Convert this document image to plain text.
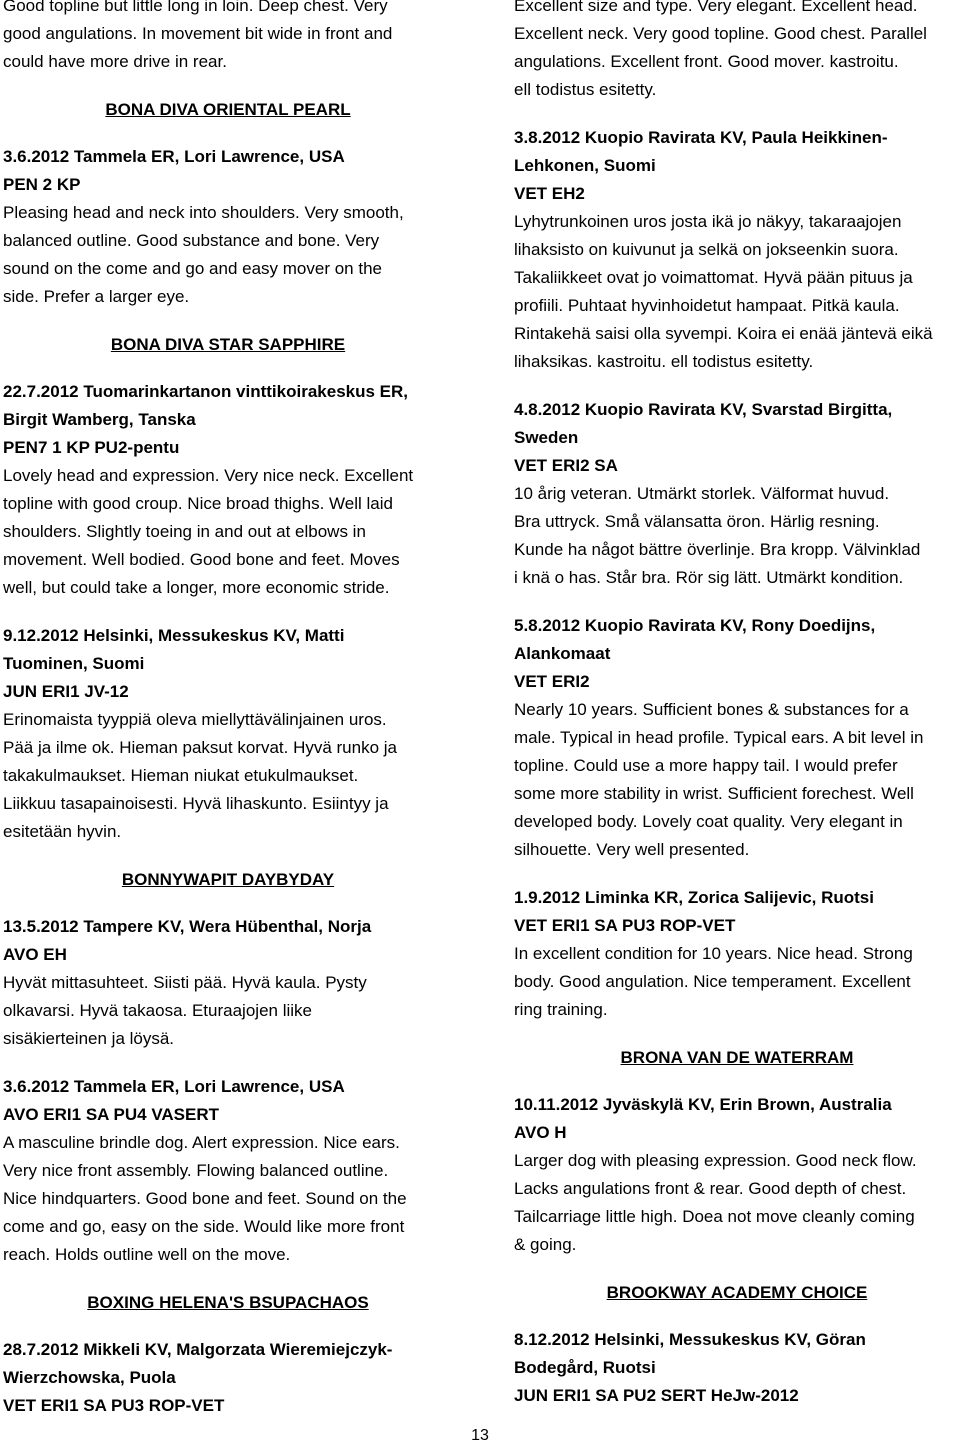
Good topline but little long in loin. Deep chest. Very
good angulations. In movement bit wide in front and
could have more drive in rear.
BONA DIVA ORIENTAL PEARL
3.6.2012 Tammela ER, Lori Lawrence, USA
PEN 2 KP
Pleasing head and neck into shoulders. Very smooth,
balanced outline. Good substance and bone. Very
sound on the come and go and easy mover on the
side. Prefer a larger eye.
BONA DIVA STAR SAPPHIRE
22.7.2012 Tuomarinkartanon vinttikoirakeskus ER,
Birgit Wamberg, Tanska
PEN7 1 KP PU2-pentu
Lovely head and expression. Very nice neck. Excellent
topline with good croup. Nice broad thighs. Well laid
shoulders. Slightly toeing in and out at elbows in
movement. Well bodied. Good bone and feet. Moves
well, but could take a longer, more economic stride.
9.12.2012 Helsinki, Messukeskus KV, Matti
Tuominen, Suomi
JUN ERI1 JV-12
Erinomaista tyyppiä oleva miellyttävälinjainen uros.
Pää ja ilme ok. Hieman paksut korvat. Hyvä runko ja
takakulmaukset. Hieman niukat etukulmaukset.
Liikkuu tasapainoisesti. Hyvä lihaskunto. Esiintyy ja
esitetään hyvin.
BONNYWAPIT DAYBYDAY
13.5.2012 Tampere KV, Wera Hübenthal, Norja
AVO EH
Hyvät mittasuhteet. Siisti pää. Hyvä kaula. Pysty
olkavarsi. Hyvä takaosa. Eturaajojen liike
sisäkierteinen ja löysä.
3.6.2012 Tammela ER, Lori Lawrence, USA
AVO ERI1 SA PU4 VASERT
A masculine brindle dog. Alert expression. Nice ears.
Very nice front assembly. Flowing balanced outline.
Nice hindquarters. Good bone and feet. Sound on the
come and go, easy on the side. Would like more front
reach. Holds outline well on the move.
BOXING HELENA'S BSUPACHAOS
28.7.2012 Mikkeli KV, Malgorzata Wieremiejczyk-
Wierzchowska, Puola
VET ERI1 SA PU3 ROP-VET
Excellent size and type. Very elegant. Excellent head.
Excellent neck. Very good topline. Good chest. Parallel
angulations. Excellent front. Good mover. kastroitu.
ell todistus esitetty.
3.8.2012 Kuopio Ravirata KV, Paula Heikkinen-
Lehkonen, Suomi
VET EH2
Lyhytrunkoinen uros josta ikä jo näkyy, takaraajojen
lihaksisto on kuivunut ja selkä on jokseenkin suora.
Takaliikkeet ovat jo voimattomat. Hyvä pään pituus ja
profiili. Puhtaat hyvinhoidetut hampaat. Pitkä kaula.
Rintakehä saisi olla syvempi. Koira ei enää jäntevä eikä
lihaksikas. kastroitu. ell todistus esitetty.
4.8.2012 Kuopio Ravirata KV, Svarstad Birgitta,
Sweden
VET ERI2 SA
10 årig veteran. Utmärkt storlek. Välformat huvud.
Bra uttryck. Små välansatta öron. Härlig resning.
Kunde ha något bättre överlinje. Bra kropp. Välvinklad
i knä o has. Står bra. Rör sig lätt. Utmärkt kondition.
5.8.2012 Kuopio Ravirata KV, Rony Doedijns,
Alankomaat
VET ERI2
Nearly 10 years. Sufficient bones & substances for a
male. Typical in head profile. Typical ears. A bit level in
topline. Could use a more happy tail. I would prefer
some more stability in wrist. Sufficient forechest. Well
developed body. Lovely coat quality. Very elegant in
silhouette. Very well presented.
1.9.2012 Liminka KR, Zorica Salijevic, Ruotsi
VET ERI1 SA PU3 ROP-VET
In excellent condition for 10 years. Nice head. Strong
body. Good angulation. Nice temperament. Excellent
ring training.
BRONA VAN DE WATERRAM
10.11.2012 Jyväskylä KV, Erin Brown, Australia
AVO H
Larger dog with pleasing expression. Good neck flow.
Lacks angulations front & rear. Good depth of chest.
Tailcarriage little high. Doea not move cleanly coming
& going.
BROOKWAY ACADEMY CHOICE
8.12.2012 Helsinki, Messukeskus KV, Göran
Bodegård, Ruotsi
JUN ERI1 SA PU2 SERT HeJw-2012
13
